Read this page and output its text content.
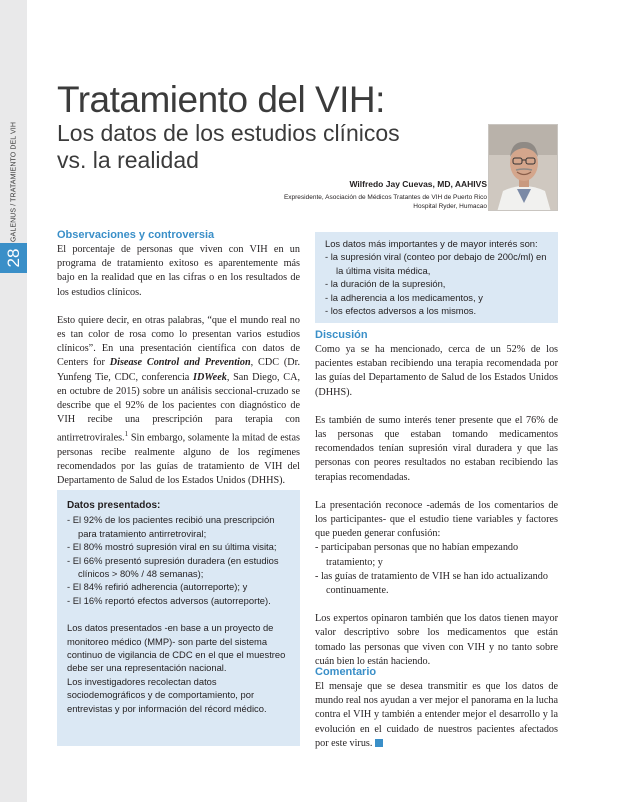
GALENUS / TRATAMIENTO DEL VIH
28
Tratamiento del VIH:
Los datos de los estudios clínicos
vs. la realidad
Wilfredo Jay Cuevas, MD, AAHIVS
Expresidente, Asociación de Médicos Tratantes de VIH de Puerto Rico
Hospital Ryder, Humacao
Observaciones y controversia

El porcentaje de personas que viven con VIH en un programa de tratamiento exitoso es aparentemente más bajo en la realidad que en las cifras o en los resultados de los estudios clínicos.

Esto quiere decir, en otras palabras, “que el mundo real no es tan color de rosa como lo presentan varios estudios clínicos”. En una presentación científica con datos de Centers for Disease Control and Prevention, CDC (Dr. Yunfeng Tie, CDC, conferencia IDWeek, San Diego, CA, en octubre de 2015) sobre un análisis seccional-cruzado se describe que el 92% de los pacientes con diagnóstico de VIH recibe una prescripción para terapia con antirretrovirales.$^1$ Sin embargo, solamente la mitad de estas personas recibe realmente alguno de los regímenes recomendados por las guías de tratamiento de VIH del Departamento de Salud de los Estados Unidos (DHHS).

Datos presentados:
- El 92% de los pacientes recibió una prescripción para tratamiento antirretroviral;
- El 80% mostró supresión viral en su última visita;
- El 66% presentó supresión duradera (en estudios clínicos > 80% / 48 semanas);
- El 84% refirió adherencia (autorreporte); y
- El 16% reportó efectos adversos (autorreporte).

Los datos presentados -en base a un proyecto de monitoreo médico (MMP)- son parte del sistema continuo de vigilancia de CDC en el que el muestreo debe ser una representación nacional.

Los investigadores recolectan datos sociodemográficos y de comportamiento, por entrevistas y por información del récord médico.

Los datos más importantes y de mayor interés son:
- la supresión viral (conteo por debajo de 200c/ml) en la última visita médica,
- la duración de la supresión,
- la adherencia a los medicamentos, y
- los efectos adversos a los mismos.
Discusión

Como ya se ha mencionado, cerca de un 52% de los pacientes estaban recibiendo una terapia recomendada por las guías del Departamento de Salud de los Estados Unidos (DHHS).

Es también de sumo interés tener presente que el 76% de las personas que estaban tomando medicamentos recomendados tenían supresión viral duradera y que las personas con peores resultados no estaban recibiendo las terapias recomendadas.

La presentación reconoce -además de los comentarios de los participantes- que el estudio tiene variables y factores que pueden generar confusión:

- participaban personas que no habían empezando tratamiento; y
- las guías de tratamiento de VIH se han ido actualizando continuamente.

Los expertos opinaron también que los datos tienen mayor valor descriptivo sobre los medicamentos que están tomado las personas que viven con VIH y no tanto sobre cuán bien lo están haciendo.

Comentario

El mensaje que se desea transmitir es que los datos de mundo real nos ayudan a ver mejor el panorama en la lucha contra el VIH y también a entender mejor el desarrollo y la evolución en el cuidado de nuestros pacientes afectados por este virus.
